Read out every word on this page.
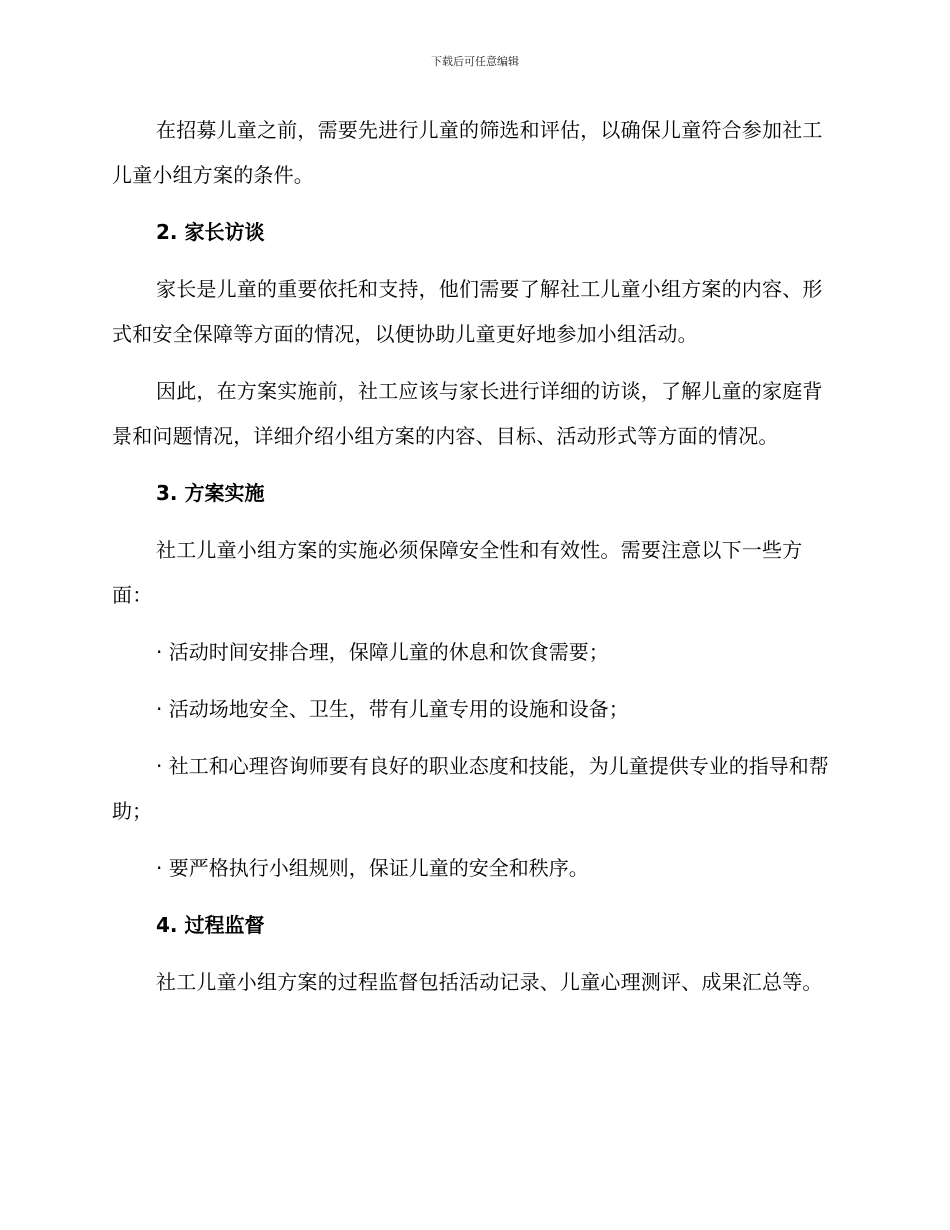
下载后可任意编辑

在招募儿童之前，需要先进行儿童的筛选和评估，以确保儿童符合参加社工儿童小组方案的条件。

2. 家长访谈

家长是儿童的重要依托和支持，他们需要了解社工儿童小组方案的内容、形式和安全保障等方面的情况，以便协助儿童更好地参加小组活动。

因此，在方案实施前，社工应该与家长进行详细的访谈，了解儿童的家庭背景和问题情况，详细介绍小组方案的内容、目标、活动形式等方面的情况。

3. 方案实施

社工儿童小组方案的实施必须保障安全性和有效性。需要注意以下一些方面：

· 活动时间安排合理，保障儿童的休息和饮食需要；

· 活动场地安全、卫生，带有儿童专用的设施和设备；

· 社工和心理咨询师要有良好的职业态度和技能，为儿童提供专业的指导和帮助；

· 要严格执行小组规则，保证儿童的安全和秩序。

4. 过程监督

社工儿童小组方案的过程监督包括活动记录、儿童心理测评、成果汇总等。
